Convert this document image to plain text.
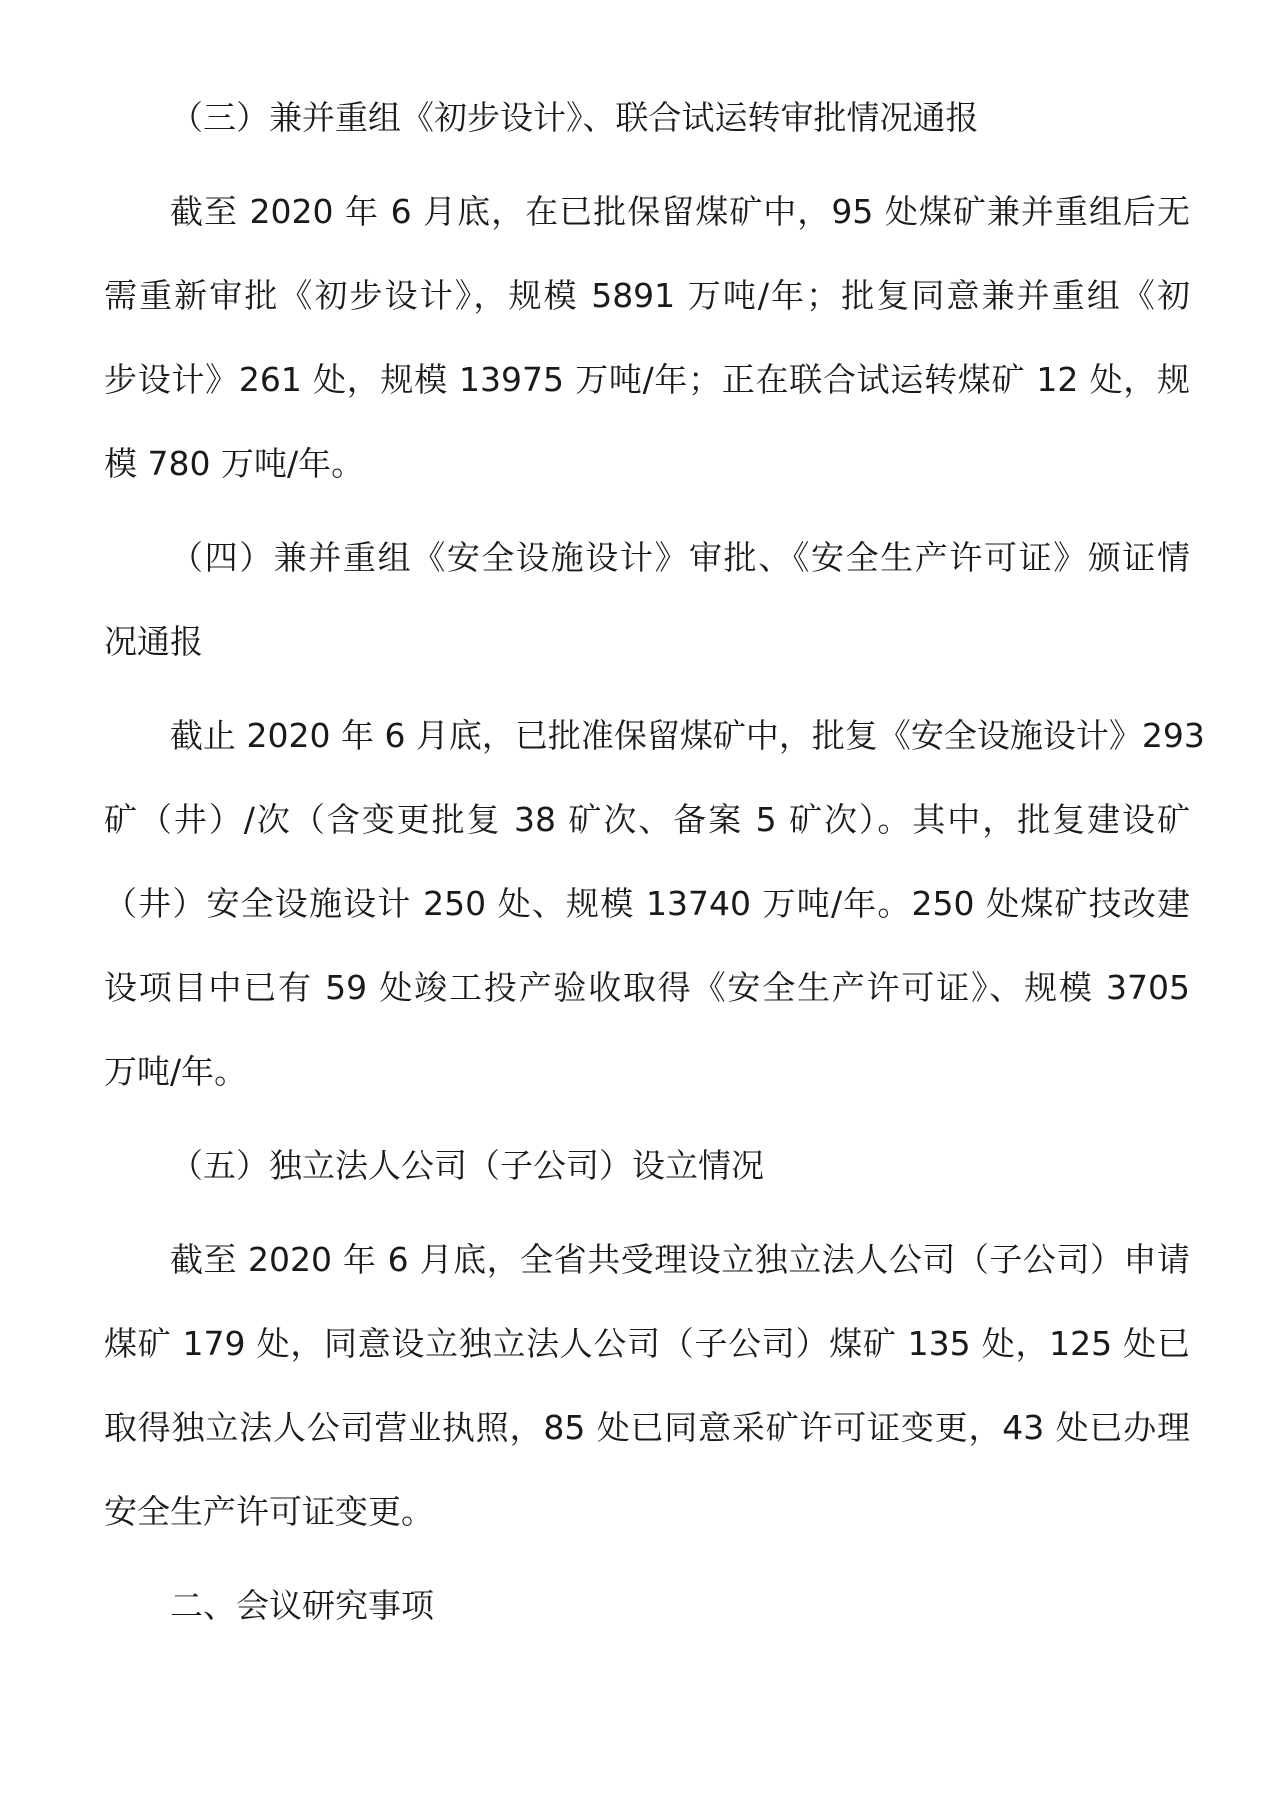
（三）兼并重组《初步设计》、联合试运转审批情况通报
截至 2020 年 6 月底，在已批保留煤矿中，95 处煤矿兼并重组后无
需重新审批《初步设计》，规模 5891 万吨/年；批复同意兼并重组《初
步设计》261 处，规模 13975 万吨/年；正在联合试运转煤矿 12 处，规
模 780 万吨/年。
（四）兼并重组《安全设施设计》审批、《安全生产许可证》颁证情
况通报
截止 2020 年 6 月底，已批准保留煤矿中，批复《安全设施设计》293
矿（井）/次（含变更批复 38 矿次、备案 5 矿次）。其中，批复建设矿
（井）安全设施设计 250 处、规模 13740 万吨/年。250 处煤矿技改建
设项目中已有 59 处竣工投产验收取得《安全生产许可证》、规模 3705
万吨/年。
（五）独立法人公司（子公司）设立情况
截至 2020 年 6 月底，全省共受理设立独立法人公司（子公司）申请
煤矿 179 处，同意设立独立法人公司（子公司）煤矿 135 处，125 处已
取得独立法人公司营业执照，85 处已同意采矿许可证变更，43 处已办理
安全生产许可证变更。
二、会议研究事项
